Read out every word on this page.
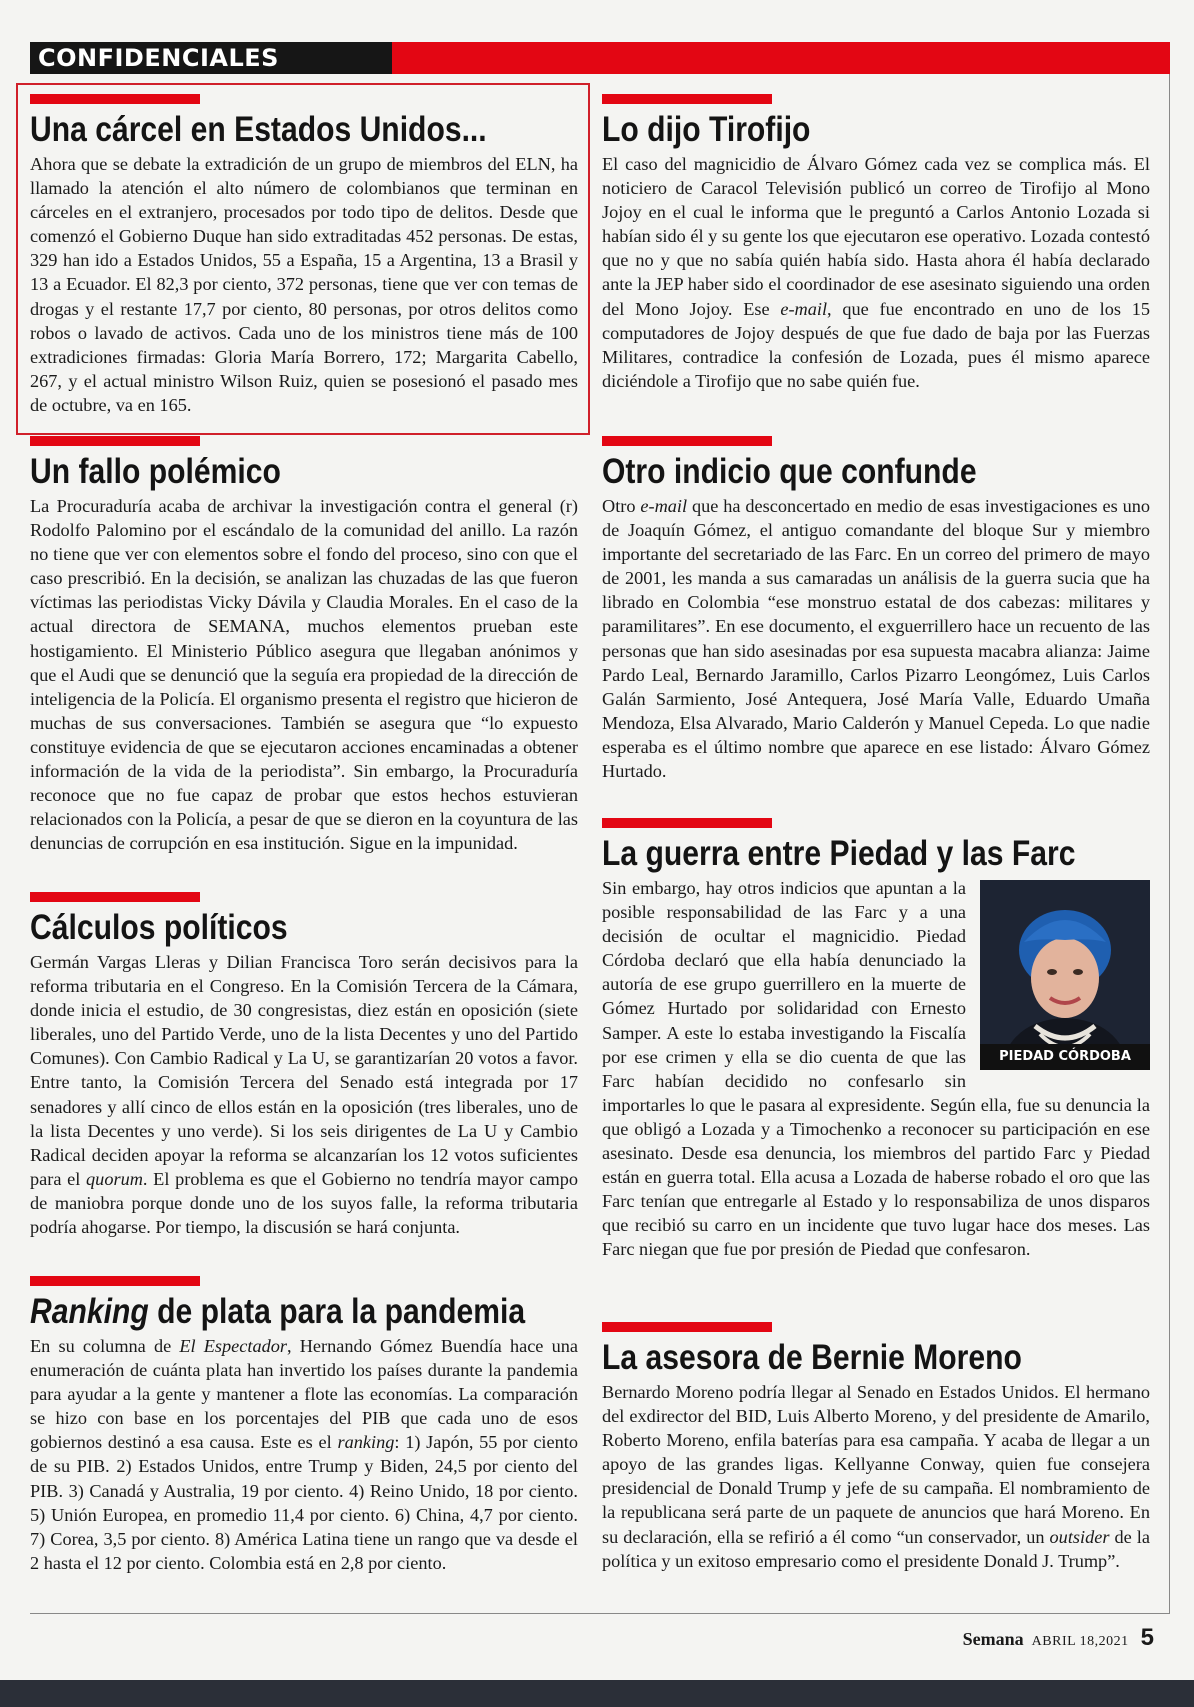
CONFIDENCIALES
Una cárcel en Estados Unidos...

Ahora que se debate la extradición de un grupo de miembros del ELN, ha llamado la atención el alto número de colombianos que terminan en cárceles en el extranjero, procesados por todo tipo de delitos. Desde que comenzó el Gobierno Duque han sido extraditadas 452 personas. De estas, 329 han ido a Estados Unidos, 55 a España, 15 a Argentina, 13 a Brasil y 13 a Ecuador. El 82,3 por ciento, 372 personas, tiene que ver con temas de drogas y el restante 17,7 por ciento, 80 personas, por otros delitos como robos o lavado de activos. Cada uno de los ministros tiene más de 100 extradiciones firmadas: Gloria María Borrero, 172; Margarita Cabello, 267, y el actual ministro Wilson Ruiz, quien se posesionó el pasado mes de octubre, va en 165.

Un fallo polémico

La Procuraduría acaba de archivar la investigación contra el general (r) Rodolfo Palomino por el escándalo de la comunidad del anillo. La razón no tiene que ver con elementos sobre el fondo del proceso, sino con que el caso prescribió. En la decisión, se analizan las chuzadas de las que fueron víctimas las periodistas Vicky Dávila y Claudia Morales. En el caso de la actual directora de SEMANA, muchos elementos prueban este hostigamiento. El Ministerio Público asegura que llegaban anónimos y que el Audi que se denunció que la seguía era propiedad de la dirección de inteligencia de la Policía. El organismo presenta el registro que hicieron de muchas de sus conversaciones. También se asegura que “lo expuesto constituye evidencia de que se ejecutaron acciones encaminadas a obtener información de la vida de la periodista”. Sin embargo, la Procuraduría reconoce que no fue capaz de probar que estos hechos estuvieran relacionados con la Policía, a pesar de que se dieron en la coyuntura de las denuncias de corrupción en esa institución. Sigue en la impunidad.

Cálculos políticos

Germán Vargas Lleras y Dilian Francisca Toro serán decisivos para la reforma tributaria en el Congreso. En la Comisión Tercera de la Cámara, donde inicia el estudio, de 30 congresistas, diez están en oposición (siete liberales, uno del Partido Verde, uno de la lista Decentes y uno del Partido Comunes). Con Cambio Radical y La U, se garantizarían 20 votos a favor. Entre tanto, la Comisión Tercera del Senado está integrada por 17 senadores y allí cinco de ellos están en la oposición (tres liberales, uno de la lista Decentes y uno verde). Si los seis dirigentes de La U y Cambio Radical deciden apoyar la reforma se alcanzarían los 12 votos suficientes para el quorum. El problema es que el Gobierno no tendría mayor campo de maniobra porque donde uno de los suyos falle, la reforma tributaria podría ahogarse. Por tiempo, la discusión se hará conjunta.

Ranking de plata para la pandemia

En su columna de El Espectador, Hernando Gómez Buendía hace una enumeración de cuánta plata han invertido los países durante la pandemia para ayudar a la gente y mantener a flote las economías. La comparación se hizo con base en los porcentajes del PIB que cada uno de esos gobiernos destinó a esa causa. Este es el ranking: 1) Japón, 55 por ciento de su PIB. 2) Estados Unidos, entre Trump y Biden, 24,5 por ciento del PIB. 3) Canadá y Australia, 19 por ciento. 4) Reino Unido, 18 por ciento. 5) Unión Europea, en promedio 11,4 por ciento. 6) China, 4,7 por ciento. 7) Corea, 3,5 por ciento. 8) América Latina tiene un rango que va desde el 2 hasta el 12 por ciento. Colombia está en 2,8 por ciento.

Lo dijo Tirofijo

El caso del magnicidio de Álvaro Gómez cada vez se complica más. El noticiero de Caracol Televisión publicó un correo de Tirofijo al Mono Jojoy en el cual le informa que le preguntó a Carlos Antonio Lozada si habían sido él y su gente los que ejecutaron ese operativo. Lozada contestó que no y que no sabía quién había sido. Hasta ahora él había declarado ante la JEP haber sido el coordinador de ese asesinato siguiendo una orden del Mono Jojoy. Ese e-mail, que fue encontrado en uno de los 15 computadores de Jojoy después de que fue dado de baja por las Fuerzas Militares, contradice la confesión de Lozada, pues él mismo aparece diciéndole a Tirofijo que no sabe quién fue.

Otro indicio que confunde

Otro e-mail que ha desconcertado en medio de esas investigaciones es uno de Joaquín Gómez, el antiguo comandante del bloque Sur y miembro importante del secretariado de las Farc. En un correo del primero de mayo de 2001, les manda a sus camaradas un análisis de la guerra sucia que ha librado en Colombia “ese monstruo estatal de dos cabezas: militares y paramilitares”. En ese documento, el exguerrillero hace un recuento de las personas que han sido asesinadas por esa supuesta macabra alianza: Jaime Pardo Leal, Bernardo Jaramillo, Carlos Pizarro Leongómez, Luis Carlos Galán Sarmiento, José Antequera, José María Valle, Eduardo Umaña Mendoza, Elsa Alvarado, Mario Calderón y Manuel Cepeda. Lo que nadie esperaba es el último nombre que aparece en ese listado: Álvaro Gómez Hurtado.

La guerra entre Piedad y las Farc
PIEDAD CÓRDOBA

Sin embargo, hay otros indicios que apuntan a la posible responsabilidad de las Farc y a una decisión de ocultar el magnicidio. Piedad Córdoba declaró que ella había denunciado la autoría de ese grupo guerrillero en la muerte de Gómez Hurtado por solidaridad con Ernesto Samper. A este lo estaba investigando la Fiscalía por ese crimen y ella se dio cuenta de que las Farc habían decidido no confesarlo sin importarles lo que le pasara al expresidente. Según ella, fue su denuncia la que obligó a Lozada y a Timochenko a reconocer su participación en ese asesinato. Desde esa denuncia, los miembros del partido Farc y Piedad están en guerra total. Ella acusa a Lozada de haberse robado el oro que las Farc tenían que entregarle al Estado y lo responsabiliza de unos disparos que recibió su carro en un incidente que tuvo lugar hace dos meses. Las Farc niegan que fue por presión de Piedad que confesaron.

La asesora de Bernie Moreno

Bernardo Moreno podría llegar al Senado en Estados Unidos. El hermano del exdirector del BID, Luis Alberto Moreno, y del presidente de Amarilo, Roberto Moreno, enfila baterías para esa campaña. Y acaba de llegar a un apoyo de las grandes ligas. Kellyanne Conway, quien fue consejera presidencial de Donald Trump y jefe de su campaña. El nombramiento de la republicana será parte de un paquete de anuncios que hará Moreno. En su declaración, ella se refirió a él como “un conservador, un outsider de la política y un exitoso empresario como el presidente Donald J. Trump”.

Semana ABRIL 18,2021 5
